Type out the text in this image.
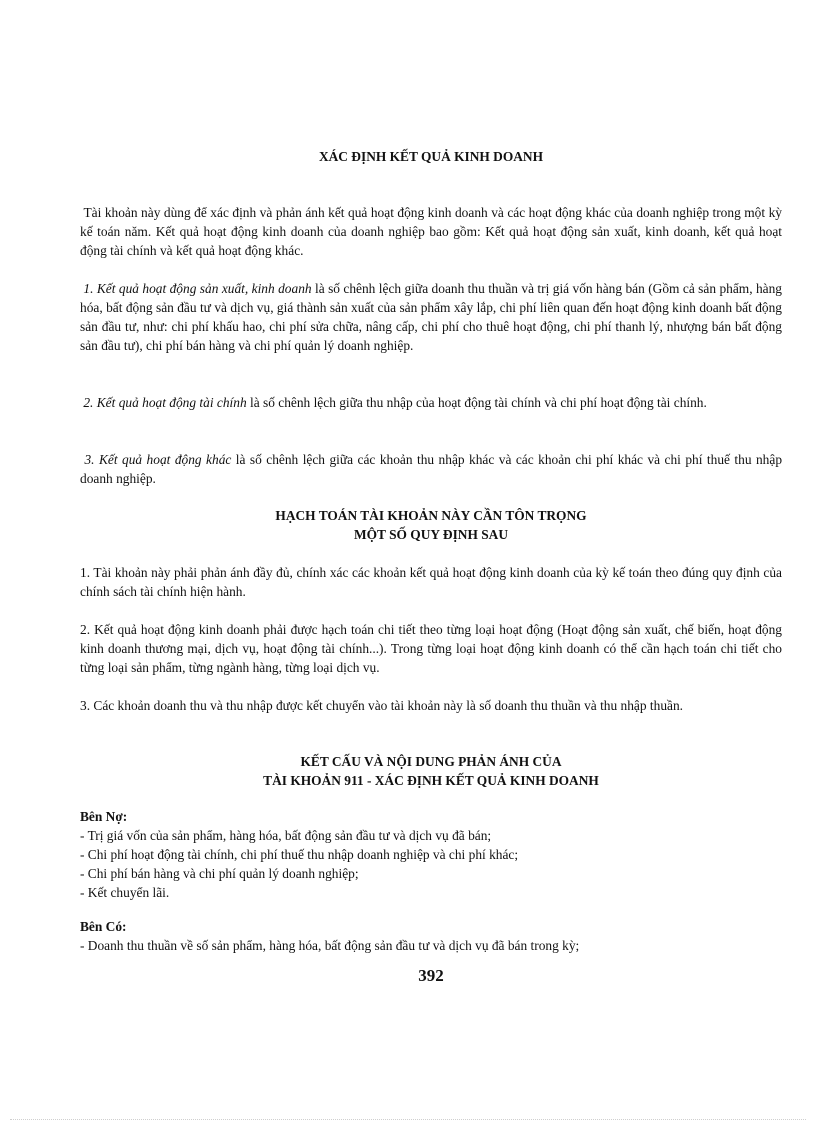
XÁC ĐỊNH KẾT QUẢ KINH DOANH

Tài khoản này dùng để xác định và phản ánh kết quả hoạt động kinh doanh và các hoạt động khác của doanh nghiệp trong một kỳ kế toán năm. Kết quả hoạt động kinh doanh của doanh nghiệp bao gồm: Kết quả hoạt động sản xuất, kinh doanh, kết quả hoạt động tài chính và kết quả hoạt động khác.

1. Kết quả hoạt động sản xuất, kinh doanh là số chênh lệch giữa doanh thu thuần và trị giá vốn hàng bán (Gồm cả sản phẩm, hàng hóa, bất động sản đầu tư và dịch vụ, giá thành sản xuất của sản phẩm xây lắp, chi phí liên quan đến hoạt động kinh doanh bất động sản đầu tư, như: chi phí khấu hao, chi phí sửa chữa, nâng cấp, chi phí cho thuê hoạt động, chi phí thanh lý, nhượng bán bất động sản đầu tư), chi phí bán hàng và chi phí quản lý doanh nghiệp.

2. Kết quả hoạt động tài chính là số chênh lệch giữa thu nhập của hoạt động tài chính và chi phí hoạt động tài chính.

3. Kết quả hoạt động khác là số chênh lệch giữa các khoản thu nhập khác và các khoản chi phí khác và chi phí thuế thu nhập doanh nghiệp.

HẠCH TOÁN TÀI KHOẢN NÀY CẦN TÔN TRỌNG
MỘT SỐ QUY ĐỊNH SAU

1. Tài khoản này phải phản ánh đầy đủ, chính xác các khoản kết quả hoạt động kinh doanh của kỳ kế toán theo đúng quy định của chính sách tài chính hiện hành.

2. Kết quả hoạt động kinh doanh phải được hạch toán chi tiết theo từng loại hoạt động (Hoạt động sản xuất, chế biến, hoạt động kinh doanh thương mại, dịch vụ, hoạt động tài chính...). Trong từng loại hoạt động kinh doanh có thể cần hạch toán chi tiết cho từng loại sản phẩm, từng ngành hàng, từng loại dịch vụ.

3. Các khoản doanh thu và thu nhập được kết chuyển vào tài khoản này là số doanh thu thuần và thu nhập thuần.

KẾT CẤU VÀ NỘI DUNG PHẢN ÁNH CỦA
TÀI KHOẢN 911 - XÁC ĐỊNH KẾT QUẢ KINH DOANH
Bên Nợ:
- Trị giá vốn của sản phẩm, hàng hóa, bất động sản đầu tư và dịch vụ đã bán;
- Chi phí hoạt động tài chính, chi phí thuế thu nhập doanh nghiệp và chi phí khác;
- Chi phí bán hàng và chi phí quản lý doanh nghiệp;
- Kết chuyển lãi.
Bên Có:
- Doanh thu thuần về số sản phẩm, hàng hóa, bất động sản đầu tư và dịch vụ đã bán trong kỳ;
392
